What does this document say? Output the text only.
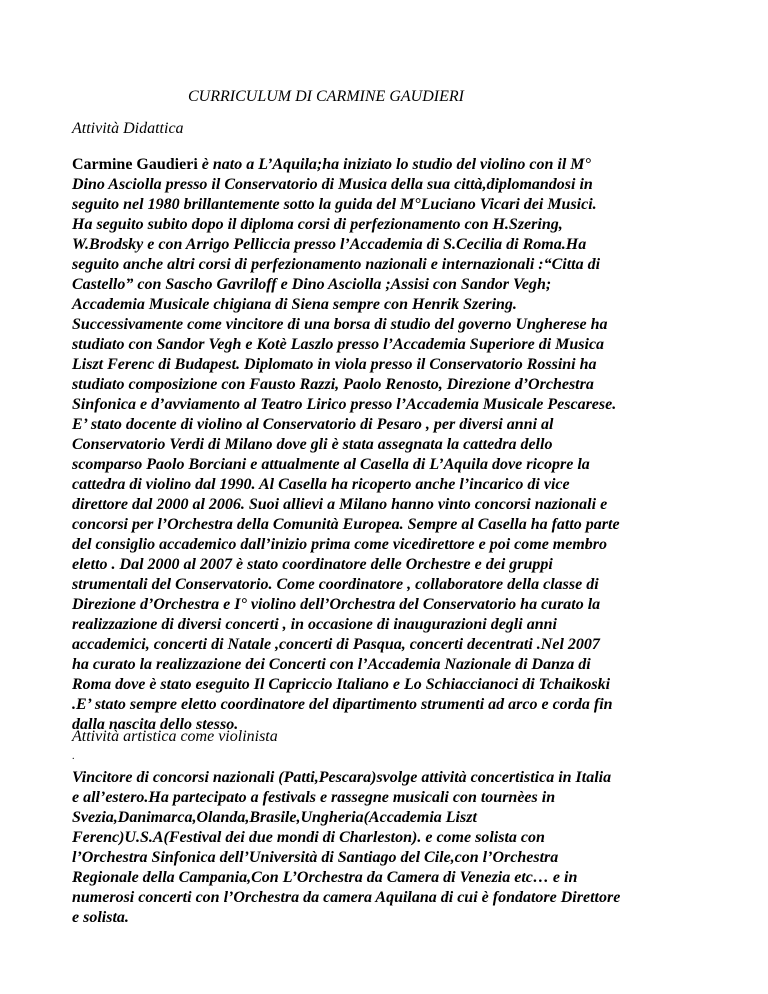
CURRICULUM DI CARMINE GAUDIERI
Attività Didattica
Carmine Gaudieri è nato a L’Aquila;ha iniziato lo studio del violino con il M°
Dino Asciolla presso il Conservatorio di Musica della sua città,diplomandosi in
seguito nel 1980 brillantemente sotto la guida del M°Luciano Vicari dei Musici.
Ha seguito subito dopo il diploma corsi di perfezionamento con H.Szering,
W.Brodsky e con Arrigo Pelliccia presso l’Accademia di S.Cecilia di Roma.Ha
seguito anche altri corsi di perfezionamento nazionali e internazionali :“Citta di
Castello” con Sascho Gavriloff e Dino Asciolla ;Assisi con Sandor Vegh;
Accademia Musicale chigiana di Siena sempre con Henrik Szering.
Successivamente come vincitore di una borsa di studio del governo Ungherese ha
studiato con Sandor Vegh e Kotè Laszlo presso l’Accademia Superiore di Musica
Liszt Ferenc di Budapest. Diplomato in viola presso il Conservatorio Rossini ha
studiato composizione con Fausto Razzi, Paolo Renosto, Direzione d’Orchestra
Sinfonica e d’avviamento al Teatro Lirico presso l’Accademia Musicale Pescarese.
E’ stato docente di violino al Conservatorio di Pesaro , per diversi anni al
Conservatorio Verdi di Milano dove gli è stata assegnata la cattedra dello
scomparso Paolo Borciani e attualmente al Casella di L’Aquila dove ricopre la
cattedra di violino dal 1990. Al Casella ha ricoperto anche l’incarico di vice
direttore dal 2000 al 2006. Suoi allievi a Milano hanno vinto concorsi nazionali e
concorsi per l’Orchestra della Comunità Europea. Sempre al Casella ha fatto parte
del consiglio accademico dall’inizio prima come vicedirettore e poi come membro
eletto . Dal 2000 al 2007 è stato coordinatore delle Orchestre e dei gruppi
strumentali del Conservatorio. Come coordinatore , collaboratore della classe di
Direzione d’Orchestra e I° violino dell’Orchestra del Conservatorio ha curato la
realizzazione di diversi concerti , in occasione di inaugurazioni degli anni
accademici, concerti di Natale ,concerti di Pasqua, concerti decentrati .Nel 2007
ha curato la realizzazione dei Concerti con l’Accademia Nazionale di Danza di
Roma dove è stato eseguito Il Capriccio Italiano e Lo Schiaccianoci di Tchaikoski
.E’ stato sempre eletto coordinatore del dipartimento strumenti ad arco e corda fin
dalla nascita dello stesso.
Attività artistica come violinista
.
Vincitore di concorsi nazionali (Patti,Pescara)svolge attività concertistica in Italia
e all’estero.Ha partecipato a festivals e rassegne musicali con tournèes in
Svezia,Danimarca,Olanda,Brasile,Ungheria(Accademia Liszt
Ferenc)U.S.A(Festival dei due mondi di Charleston). e come solista con
l’Orchestra Sinfonica dell’Università di Santiago del Cile,con l’Orchestra
Regionale della Campania,Con L’Orchestra da Camera di Venezia etc… e in
numerosi concerti con l’Orchestra da camera Aquilana di cui è fondatore Direttore
e solista.
